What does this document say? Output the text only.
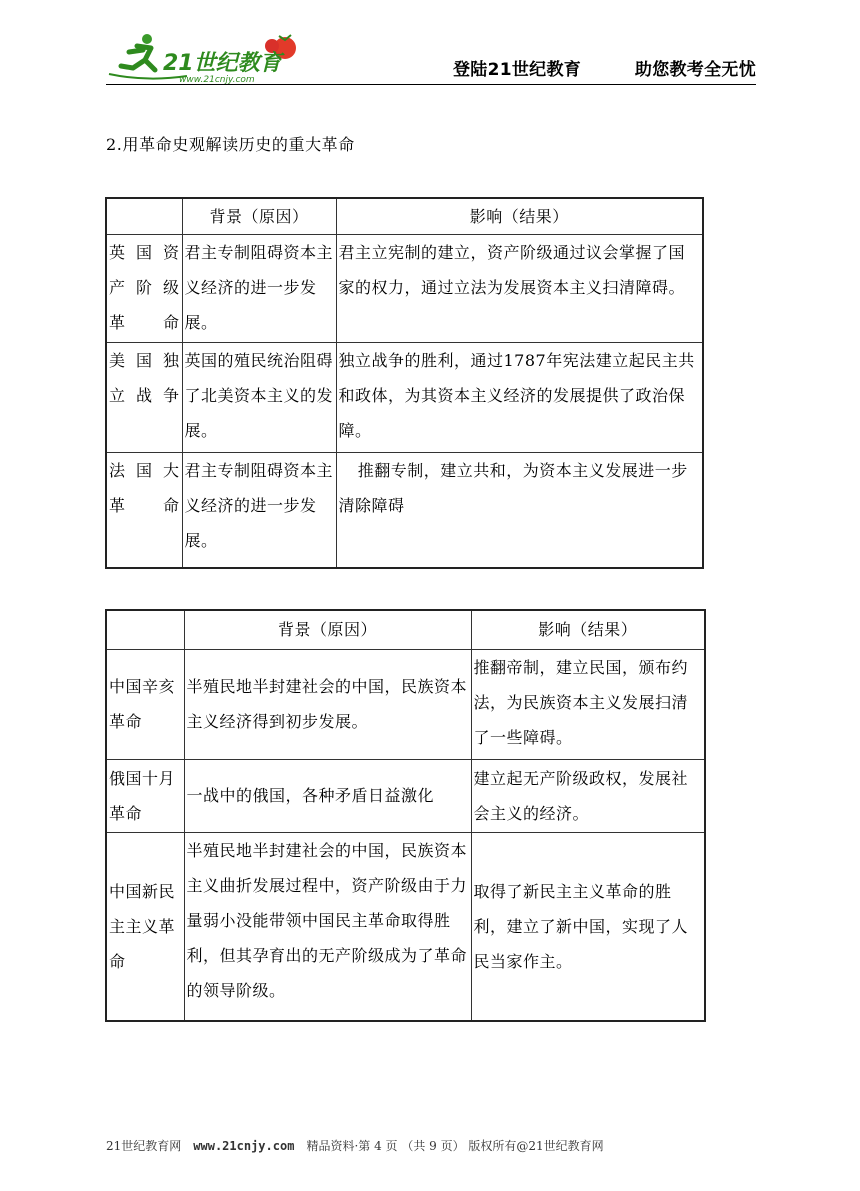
21世纪教育
www.21cnjy.com	登陆21世纪教育	助您教考全无忧
2.用革命史观解读历史的重大革命
	背景（原因）	影响（结果）
英 国 资产 阶 级革命	君主专制阻碍资本主义经济的进一步发展。	君主立宪制的建立，资产阶级通过议会掌握了国家的权力，通过立法为发展资本主义扫清障碍。
美 国 独立战争	英国的殖民统治阻碍了北美资本主义的发展。	独立战争的胜利，通过1787年宪法建立起民主共和政体，为其资本主义经济的发展提供了政治保障。
法 国 大革命	君主专制阻碍资本主义经济的进一步发展。	推翻专制，建立共和，为资本主义发展进一步清除障碍
	背景（原因）	影响（结果）
中国辛亥革命	半殖民地半封建社会的中国，民族资本主义经济得到初步发展。	推翻帝制，建立民国，颁布约法，为民族资本主义发展扫清了一些障碍。
俄国十月革命	一战中的俄国，各种矛盾日益激化	建立起无产阶级政权，发展社会主义的经济。
中国新民主主义革命	半殖民地半封建社会的中国，民族资本主义曲折发展过程中，资产阶级由于力量弱小没能带领中国民主革命取得胜利，但其孕育出的无产阶级成为了革命的领导阶级。	取得了新民主主义革命的胜利，建立了新中国，实现了人民当家作主。
21世纪教育网 www.21cnjy.com 精品资料·第 4 页 （共 9 页） 版权所有@21世纪教育网
